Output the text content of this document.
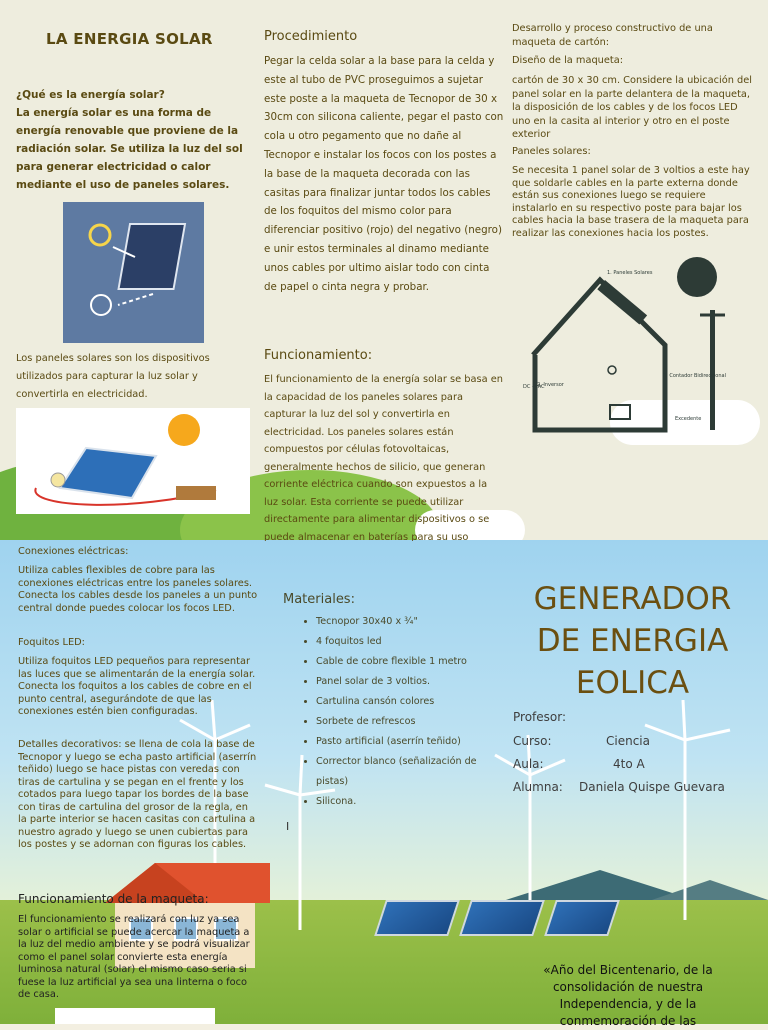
LA ENERGIA SOLAR
¿Qué es la energía solar?
La energía solar es una forma de energía renovable que proviene de la radiación solar. Se utiliza la luz del sol para generar electricidad o calor mediante el uso de paneles solares.
Los paneles solares son los dispositivos utilizados para capturar la luz solar y convertirla en electricidad.
Procedimiento
Pegar la celda solar a la base para la celda y este al tubo de PVC proseguimos a sujetar este poste a la maqueta de Tecnopor de 30 x 30cm con silicona caliente, pegar el pasto con cola u otro pegamento que no dañe al Tecnopor e instalar los focos con los postes a la base de la maqueta decorada con las casitas para finalizar juntar todos los cables de los foquitos del mismo color para diferenciar positivo (rojo) del negativo (negro) e unir estos terminales al dinamo mediante unos cables por ultimo aislar todo con cinta de papel o cinta negra y probar.
Funcionamiento:
El funcionamiento de la energía solar se basa en la capacidad de los paneles solares para capturar la luz del sol y convertirla en electricidad. Los paneles solares están compuestos por células fotovoltaicas, generalmente hechos de silicio, que generan corriente eléctrica cuando son expuestos a la luz solar. Esta corriente se puede utilizar directamente para alimentar dispositivos o se puede almacenar en baterías para su uso
Desarrollo y proceso constructivo de una maqueta de cartón:
Diseño de la maqueta:
cartón de 30 x 30 cm. Considere la ubicación del panel solar en la parte delantera de la maqueta, la disposición de los cables y de los focos LED uno en la casita al interior y otro en el poste exterior
Paneles solares:
Se necesita 1 panel solar de 3 voltios a este hay que soldarle cables en la parte externa donde están sus conexiones luego se requiere instalarlo en su respectivo poste para bajar los cables hacia la base trasera de la maqueta para realizar las conexiones hacia los postes.
1. Paneles Solares
DC → AC
2. Inversor
3. Contador Bidireccional
Excedente
Conexiones eléctricas:
Utiliza cables flexibles de cobre para las conexiones eléctricas entre los paneles solares. Conecta los cables desde los paneles a un punto central donde puedes colocar los focos LED.
Foquitos LED:
Utiliza foquitos LED pequeños para representar las luces que se alimentarán de la energía solar. Conecta los foquitos a los cables de cobre en el punto central, asegurándote de que las conexiones estén bien configuradas.
Detalles decorativos: se llena de cola la base de Tecnopor y luego se echa pasto artificial (aserrín teñido) luego se hace pistas con veredas con tiras de cartulina y se pegan en el frente y los cotados para luego tapar los bordes de la base con tiras de cartulina del grosor de la regla, en la parte interior se hacen casitas con cartulina a nuestro agrado y luego se unen cubiertas para los postes y se adornan con figuras los cables.
Funcionamiento de la maqueta:
El funcionamiento se realizará con luz ya sea solar o artificial se puede acercar la maqueta a la luz del medio ambiente y se podrá visualizar como el panel solar convierte esta energía luminosa natural (solar) el mismo caso seria si fuese la luz artificial ya sea una linterna o foco de casa.
Materiales:
• Tecnopor 30x40 x ¾"
• 4 foquitos led
• Cable de cobre flexible 1 metro
• Panel solar de 3 voltios.
• Cartulina cansón colores
• Sorbete de refrescos
• Pasto artificial (aserrín teñido)
• Corrector blanco (señalización de pistas)
• Silicona.
I
GENERADOR DE ENERGIA EOLICA
Profesor:
Curso:	Ciencia
Aula:	4to A
Alumna: Daniela Quispe Guevara
«Año del Bicentenario, de la consolidación de nuestra Independencia, y de la conmemoración de las
